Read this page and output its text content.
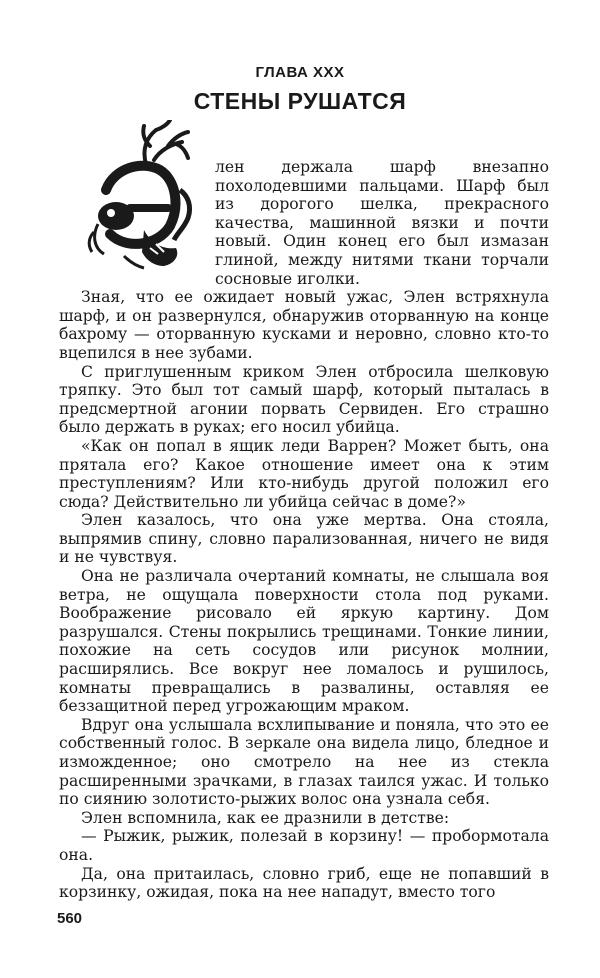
ГЛАВА XXX
СТЕНЫ РУШАТСЯ

лен держала шарф внезапно похолодевшими пальцами. Шарф был из дорогого шелка, прекрасного качества, машинной вязки и почти новый. Один конец его был измазан глиной, между нитями ткани торчали сосновые иголки.

Зная, что ее ожидает новый ужас, Элен встряхнула шарф, и он развернулся, обнаружив оторванную на конце бахрому — оторванную кусками и неровно, словно кто-то вцепился в нее зубами.

С приглушенным криком Элен отбросила шелковую тряпку. Это был тот самый шарф, который пыталась в предсмертной агонии порвать Сервиден. Его страшно было держать в руках; его носил убийца.

«Как он попал в ящик леди Варрен? Может быть, она прятала его? Какое отношение имеет она к этим преступлениям? Или кто-нибудь другой положил его сюда? Действительно ли убийца сейчас в доме?»

Элен казалось, что она уже мертва. Она стояла, выпрямив спину, словно парализованная, ничего не видя и не чувствуя.

Она не различала очертаний комнаты, не слышала воя ветра, не ощущала поверхности стола под руками. Воображение рисовало ей яркую картину. Дом разрушался. Стены покрылись трещинами. Тонкие линии, похожие на сеть сосудов или рисунок молнии, расширялись. Все вокруг нее ломалось и рушилось, комнаты превращались в развалины, оставляя ее беззащитной перед угрожающим мраком.

Вдруг она услышала всхлипывание и поняла, что это ее собственный голос. В зеркале она видела лицо, бледное и изможденное; оно смотрело на нее из стекла расширенными зрачками, в глазах таился ужас. И только по сиянию золотисто-рыжих волос она узнала себя.

Элен вспомнила, как ее дразнили в детстве:

— Рыжик, рыжик, полезай в корзину! — пробормотала она.

Да, она притаилась, словно гриб, еще не попавший в корзинку, ожидая, пока на нее нападут, вместо того

560
